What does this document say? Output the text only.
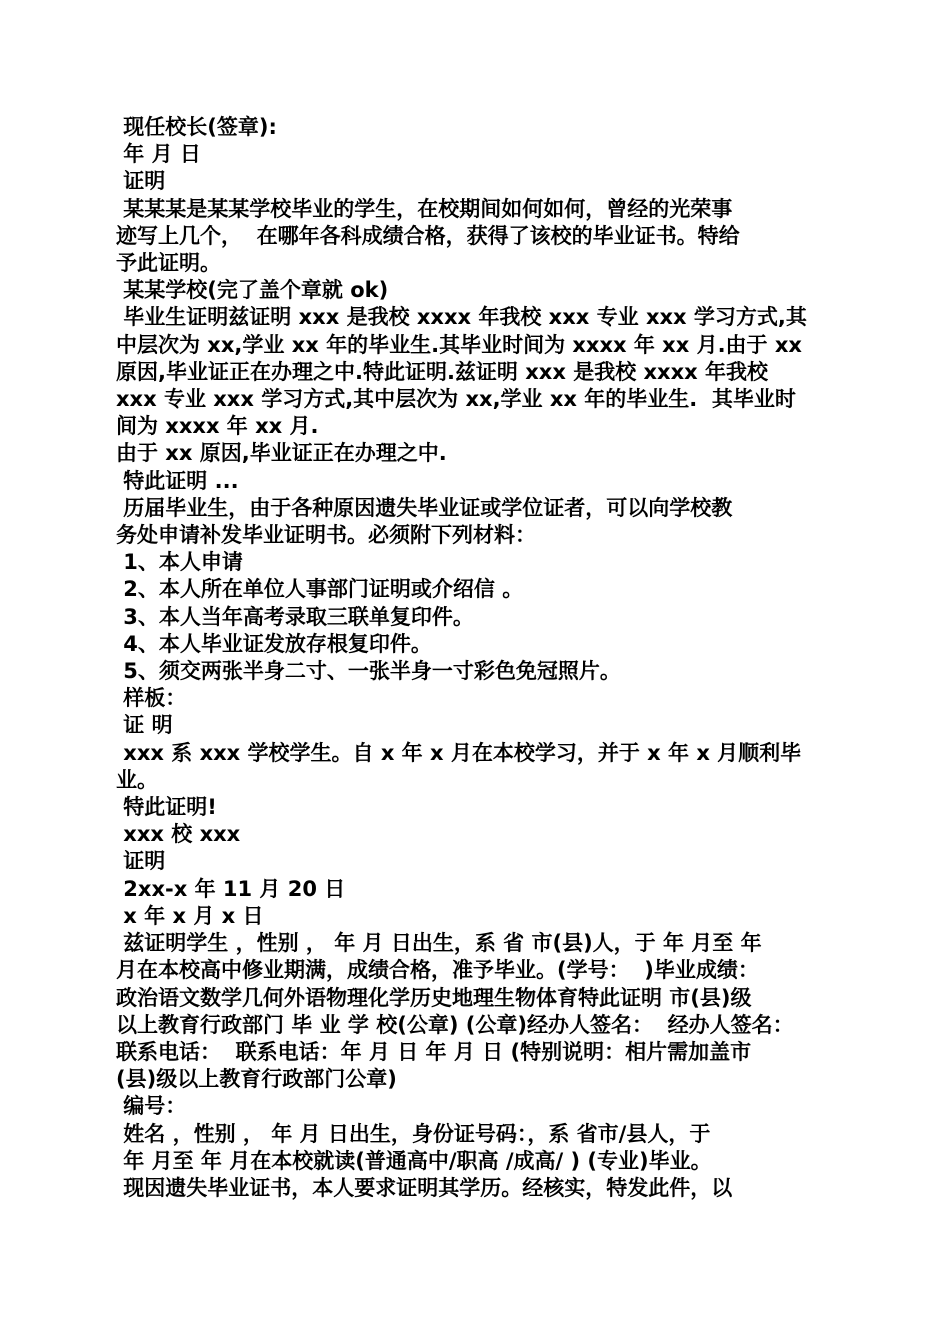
现任校长(签章):
年 月 日
证明
某某某是某某学校毕业的学生，在校期间如何如何，曾经的光荣事
迹写上几个，  在哪年各科成绩合格，获得了该校的毕业证书。特给
予此证明。
某某学校(完了盖个章就 ok)
毕业生证明兹证明 xxx 是我校 xxxx 年我校 xxx 专业 xxx 学习方式,其
中层次为 xx,学业 xx 年的毕业生.其毕业时间为 xxxx 年 xx 月.由于 xx
原因,毕业证正在办理之中.特此证明.兹证明 xxx 是我校 xxxx 年我校
xxx 专业 xxx 学习方式,其中层次为 xx,学业 xx 年的毕业生.  其毕业时
间为 xxxx 年 xx 月.
由于 xx 原因,毕业证正在办理之中.
特此证明 ...
历届毕业生，由于各种原因遗失毕业证或学位证者，可以向学校教
务处申请补发毕业证明书。必须附下列材料：
1、本人申请
2、本人所在单位人事部门证明或介绍信 。
3、本人当年高考录取三联单复印件。
4、本人毕业证发放存根复印件。
5、须交两张半身二寸、一张半身一寸彩色免冠照片。
样板：
证 明
xxx 系 xxx 学校学生。自 x 年 x 月在本校学习，并于 x 年 x 月顺利毕
业。
特此证明!
xxx 校 xxx
证明
2xx-x 年 11 月 20 日
x 年 x 月 x 日
兹证明学生 ，性别 ， 年 月 日出生，系 省 市(县)人，于 年 月至 年
月在本校高中修业期满，成绩合格，准予毕业。(学号：  )毕业成绩：
政治语文数学几何外语物理化学历史地理生物体育特此证明 市(县)级
以上教育行政部门 毕 业 学 校(公章) (公章)经办人签名：  经办人签名：
联系电话：  联系电话：年 月 日 年 月 日 (特别说明：相片需加盖市
(县)级以上教育行政部门公章)
编号：
姓名 ，性别 ， 年 月 日出生，身份证号码：，系 省市/县人，于
年 月至 年 月在本校就读(普通高中/职高 /成高/ ) (专业)毕业。
现因遗失毕业证书，本人要求证明其学历。经核实，特发此件，以
